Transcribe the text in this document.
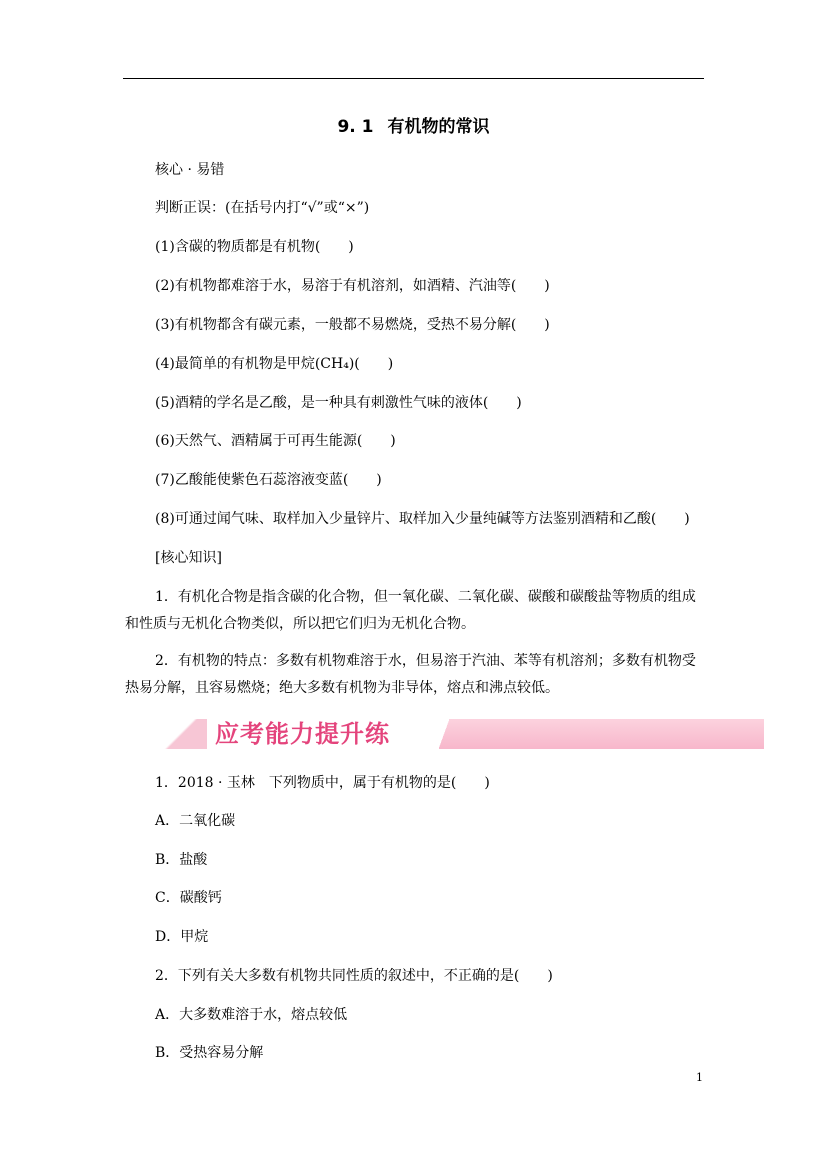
9. 1 有机物的常识
核心 · 易错
判断正误：(在括号内打“√”或“×”)
(1)含碳的物质都是有机物(　　)
(2)有机物都难溶于水，易溶于有机溶剂，如酒精、汽油等(　　)
(3)有机物都含有碳元素，一般都不易燃烧，受热不易分解(　　)
(4)最简单的有机物是甲烷(CH₄)(　　)
(5)酒精的学名是乙酸，是一种具有刺激性气味的液体(　　)
(6)天然气、酒精属于可再生能源(　　)
(7)乙酸能使紫色石蕊溶液变蓝(　　)
(8)可通过闻气味、取样加入少量锌片、取样加入少量纯碱等方法鉴别酒精和乙酸(　　)
[核心知识]
1．有机化合物是指含碳的化合物，但一氧化碳、二氧化碳、碳酸和碳酸盐等物质的组成和性质与无机化合物类似，所以把它们归为无机化合物。
2．有机物的特点：多数有机物难溶于水，但易溶于汽油、苯等有机溶剂；多数有机物受热易分解，且容易燃烧；绝大多数有机物为非导体，熔点和沸点较低。
应考能力提升练
1．2018 · 玉林　下列物质中，属于有机物的是(　　)
A．二氧化碳
B．盐酸
C．碳酸钙
D．甲烷
2．下列有关大多数有机物共同性质的叙述中，不正确的是(　　)
A．大多数难溶于水，熔点较低
B．受热容易分解
1
